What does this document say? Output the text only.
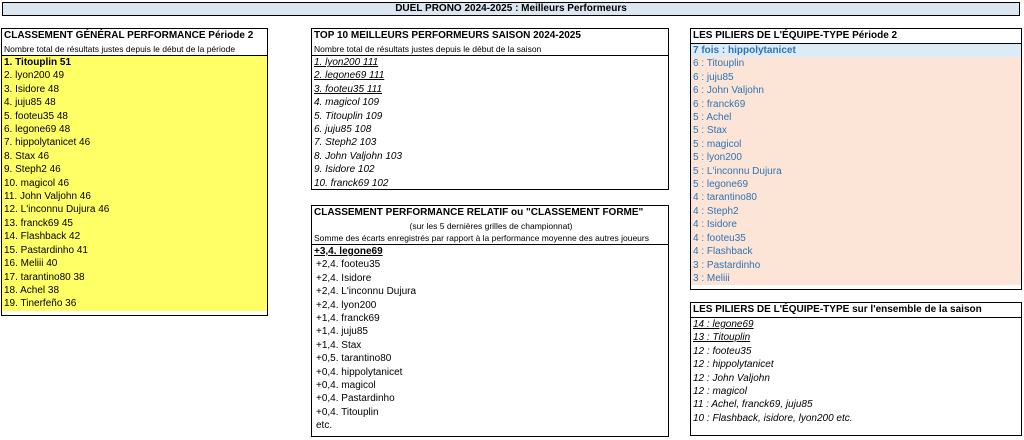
DUEL PRONO 2024-2025 : Meilleurs Performeurs
CLASSEMENT GÉNÉRAL PERFORMANCE Période 2
Nombre total de résultats justes depuis le début de la période
1. Titouplin 51
2. lyon200 49
3. Isidore 48
4. juju85 48
5. footeu35 48
6. legone69 48
7. hippolytanicet 46
8. Stax 46
9. Steph2 46
10. magicol 46
11. John Valjohn 46
12. L'inconnu Dujura 46
13. franck69 45
14. Flashback 42
15. Pastardinho 41
16. Meliii 40
17. tarantino80 38
18. Achel 38
19. Tinerfeño 36
TOP 10 MEILLEURS PERFORMEURS SAISON 2024-2025
Nombre total de résultats justes depuis le début de la saison
1. lyon200 111
2. legone69 111
3. footeu35 111
4. magicol 109
5. Titouplin 109
6. juju85 108
7. Steph2 103
8. John Valjohn 103
9. Isidore 102
10. franck69 102
CLASSEMENT PERFORMANCE RELATIF ou "CLASSEMENT FORME"
(sur les 5 dernières grilles de championnat)
Somme des écarts enregistrés par rapport à la performance moyenne des autres joueurs
+3,4. legone69
+2,4. footeu35
+2,4. Isidore
+2,4. L'inconnu Dujura
+2,4. lyon200
+1,4. franck69
+1,4. juju85
+1,4. Stax
+0,5. tarantino80
+0,4. hippolytanicet
+0,4. magicol
+0,4. Pastardinho
+0,4. Titouplin
etc.
LES PILIERS DE L'ÉQUIPE-TYPE Période 2
7 fois : hippolytanicet
6 : Titouplin
6 : juju85
6 : John Valjohn
6 : franck69
5 : Achel
5 : Stax
5 : magicol
5 : lyon200
5 : L'inconnu Dujura
5 : legone69
4 : tarantino80
4 : Steph2
4 : Isidore
4 : footeu35
4 : Flashback
3 : Pastardinho
3 : Meliii
LES PILIERS DE L'ÉQUIPE-TYPE sur l'ensemble de la saison
14 : legone69
13 : Titouplin
12 : footeu35
12 : hippolytanicet
12 : John Valjohn
12 : magicol
11 : Achel, franck69, juju85
10 : Flashback, isidore, lyon200 etc.
